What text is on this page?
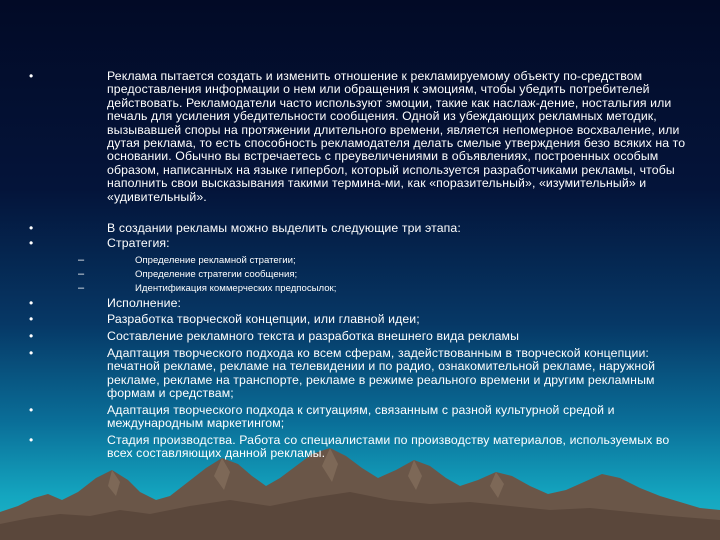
•	Реклама пытается создать и изменить отношение к рекламируемому объекту по-средством предоставления информации о нем или обращения к эмоциям, чтобы убедить потребителей действовать. Рекламодатели часто используют эмоции, такие как наслаж-дение, ностальгия или печаль для усиления убедительности сообщения. Одной из убеждающих рекламных методик, вызывавшей споры на протяжении длительного времени, является непомерное восхваление, или дутая реклама, то есть способность рекламодателя делать смелые утверждения безо всяких на то основании. Обычно вы встречаетесь с преувеличениями в объявлениях, построенных особым образом, написанных на языке гипербол, который используется разработчиками рекламы, чтобы наполнить свои высказывания такими термина-ми, как «поразительный», «изумительный» и «удивительный».
•	В создании рекламы можно выделить следующие три этапа:
•	Стратегия:
–	Определение рекламной стратегии;
–	Определение стратегии сообщения;
–	Идентификация коммерческих предпосылок;
•	Исполнение:
•	Разработка творческой концепции, или главной идеи;
•	Составление рекламного текста и разработка внешнего вида рекламы
•	Адаптация творческого подхода ко всем сферам, задействованным в творческой концепции: печатной рекламе, рекламе на телевидении и по радио, ознакомительной рекламе, наружной рекламе, рекламе на транспорте, рекламе в режиме реального времени и другим рекламным формам и средствам;
•	Адаптация творческого подхода к ситуациям, связанным с разной культурной средой и международным маркетингом;
•	Стадия производства. Работа со специалистами по производству материалов, используемых во всех составляющих данной рекламы.
